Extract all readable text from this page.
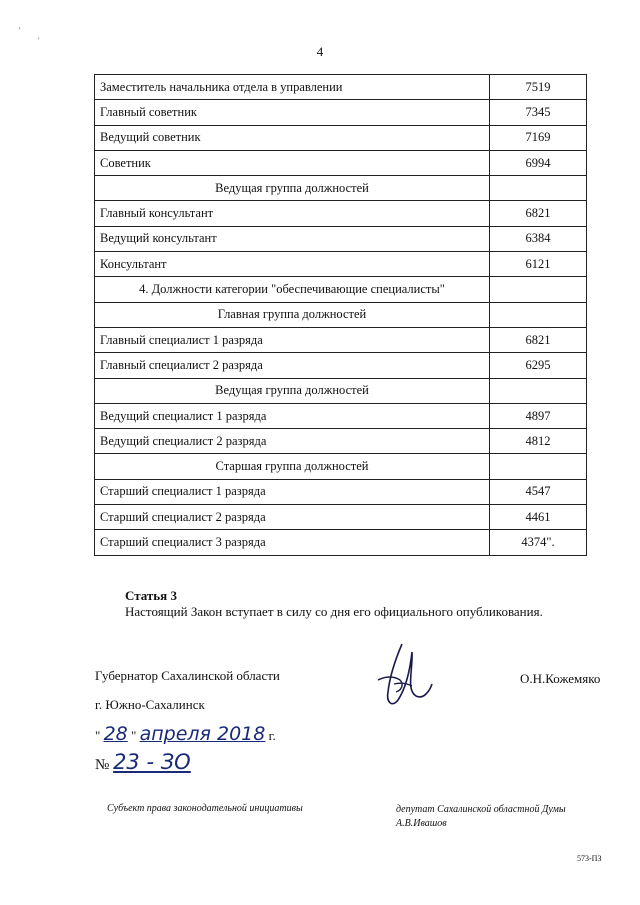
'
'
4
Заместитель начальника отдела в управлении	7519
Главный советник	7345
Ведущий советник	7169
Советник	6994
Ведущая группа должностей	
Главный консультант	6821
Ведущий консультант	6384
Консультант	6121
4. Должности категории "обеспечивающие специалисты"	
Главная группа должностей	
Главный специалист 1 разряда	6821
Главный специалист 2 разряда	6295
Ведущая группа должностей	
Ведущий специалист 1 разряда	4897
Ведущий специалист 2 разряда	4812
Старшая группа должностей	
Старший специалист 1 разряда	4547
Старший специалист 2 разряда	4461
Старший специалист 3 разряда	4374".
Статья 3
Настоящий Закон вступает в силу со дня его официального опубликования.
Губернатор Сахалинской области	О.Н.Кожемяко
г. Южно-Сахалинск
" 28 " апреля 2018 г.
№ 23 - ЗО
Субъект права законодательной инициативы	депутат Сахалинской областной Думы
А.В.Ивашов
573-ПЗ
